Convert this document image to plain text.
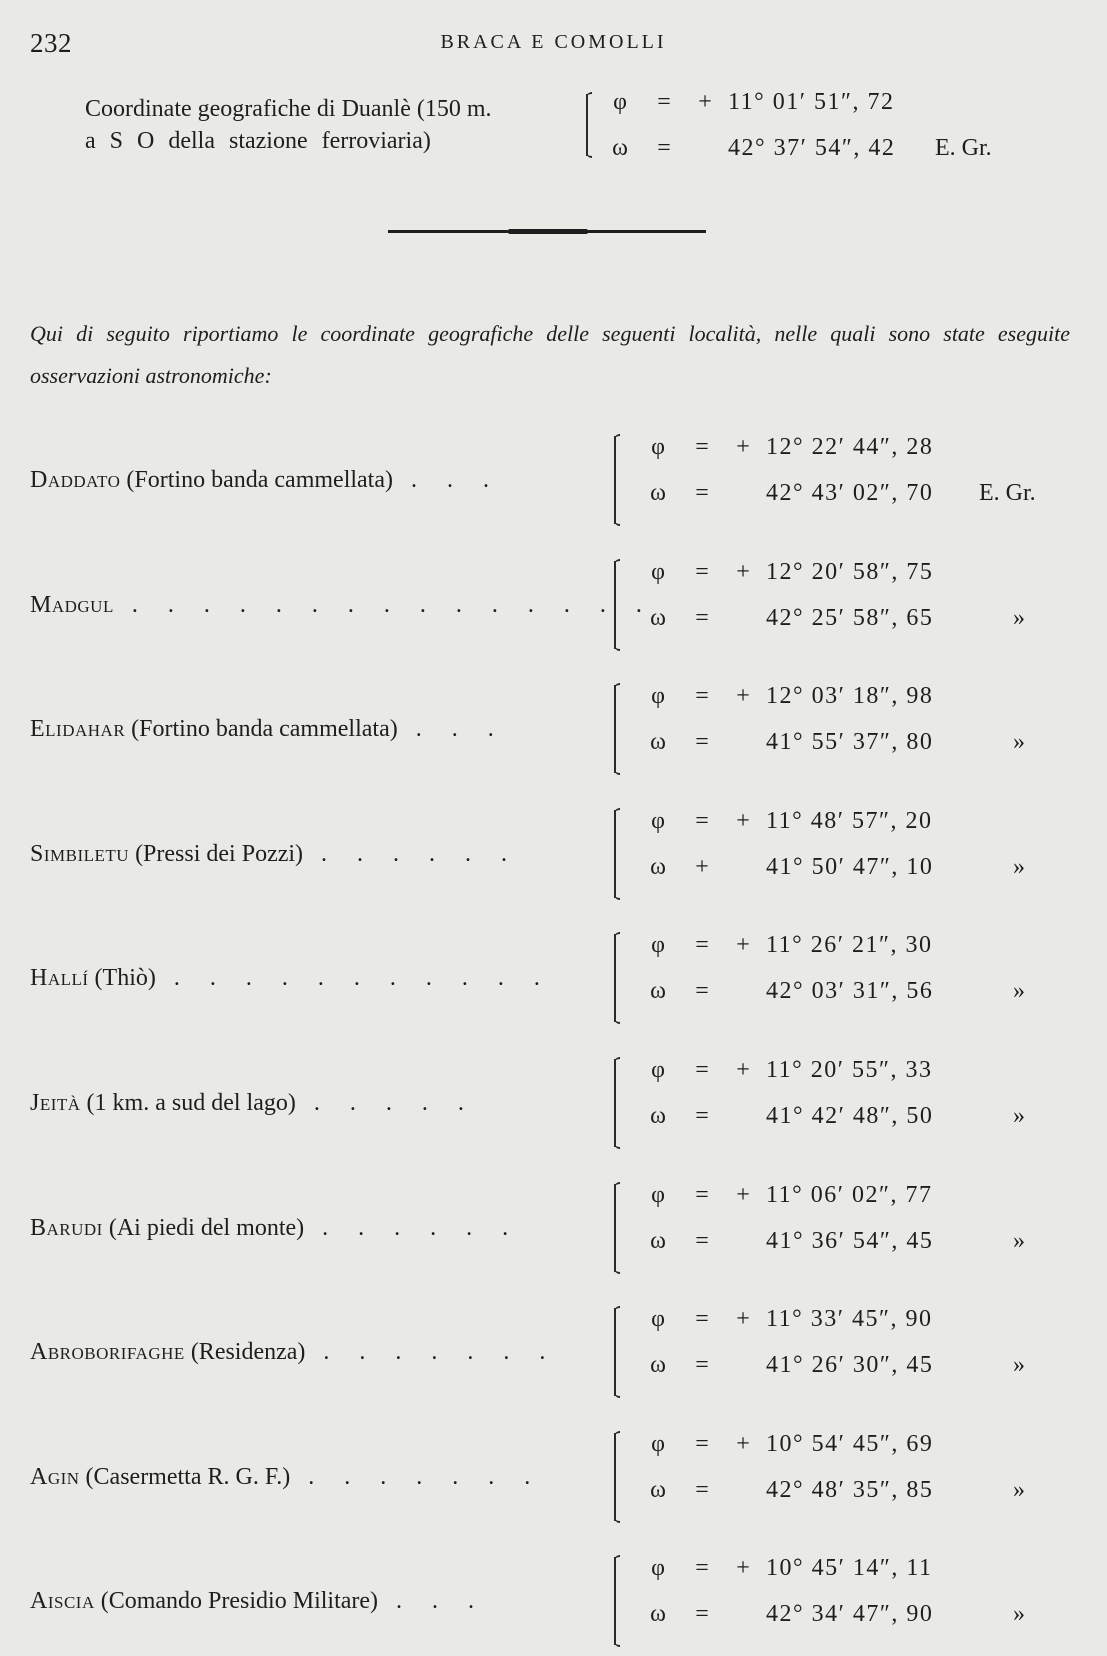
232	BRACA E COMOLLI
Coordinate geografiche di Duanlè (150 m.
a S O della stazione ferroviaria)
φ	=	+ 11° 01′ 51″, 72
ω	=	42° 37′ 54″, 42 E. Gr.
Qui di seguito riportiamo le coordinate geografiche delle seguenti località, nelle quali sono state eseguite osservazioni astronomiche:
Daddato (Fortino banda cammellata) . . .
φ	=	+ 12° 22′ 44″, 28
ω	=	42° 43′ 02″, 70 E. Gr.
Madgul . . . . . . . . . . . . . . .
φ	=	+ 12° 20′ 58″, 75
ω	=	42° 25′ 58″, 65	»
Elidahar (Fortino banda cammellata) . . .
φ	=	+ 12° 03′ 18″, 98
ω	=	41° 55′ 37″, 80	»
Simbiletu (Pressi dei Pozzi) . . . . . .
φ	=	+ 11° 48′ 57″, 20
ω	+	41° 50′ 47″, 10	»
Hallí (Thiò) . . . . . . . . . . .
φ	=	+ 11° 26′ 21″, 30
ω	=	42° 03′ 31″, 56	»
Jeità (1 km. a sud del lago) . . . . .
φ	=	+ 11° 20′ 55″, 33
ω	=	41° 42′ 48″, 50	»
Barudi (Ai piedi del monte) . . . . . .
φ	=	+ 11° 06′ 02″, 77
ω	=	41° 36′ 54″, 45	»
Abroborifaghe (Residenza) . . . . . . .
φ	=	+ 11° 33′ 45″, 90
ω	=	41° 26′ 30″, 45	»
Agin (Casermetta R. G. F.) . . . . . . .
φ	=	+ 10° 54′ 45″, 69
ω	=	42° 48′ 35″, 85	»
Aiscia (Comando Presidio Militare) . . .
φ	=	+ 10° 45′ 14″, 11
ω	=	42° 34′ 47″, 90	»
